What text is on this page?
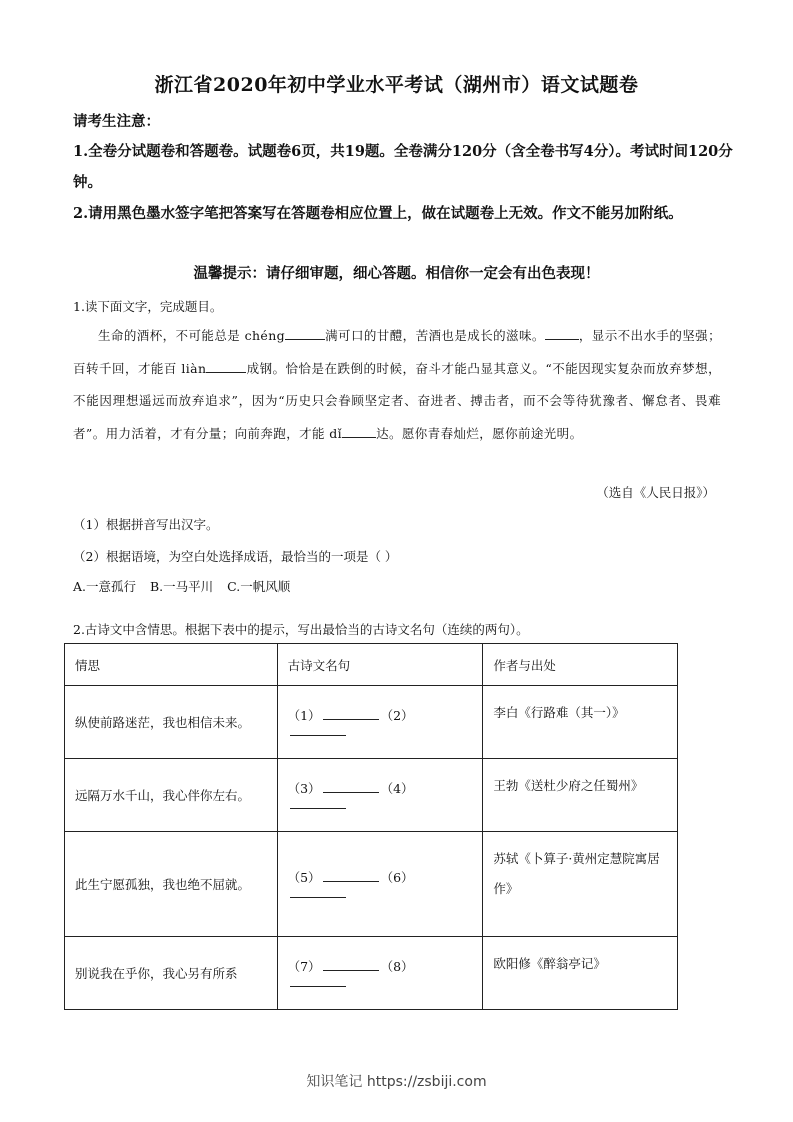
浙江省2020年初中学业水平考试（湖州市）语文试题卷
请考生注意：
1.全卷分试题卷和答题卷。试题卷6页，共19题。全卷满分120分（含全卷书写4分）。考试时间120分钟。
2.请用黑色墨水签字笔把答案写在答题卷相应位置上，做在试题卷上无效。作文不能另加附纸。
温馨提示：请仔细审题，细心答题。相信你一定会有出色表现！
1.读下面文字，完成题目。
生命的酒杯，不可能总是 chéng	满可口的甘醴，苦酒也是成长的滋味。	，显示不出水手的坚强；百转千回，才能百 liàn	成钢。恰恰是在跌倒的时候，奋斗才能凸显其意义。“不能因现实复杂而放弃梦想，不能因理想遥远而放弃追求”，因为“历史只会眷顾坚定者、奋进者、搏击者，而不会等待犹豫者、懈怠者、畏难者”。用力活着，才有分量；向前奔跑，才能 dǐ	达。愿你青春灿烂，愿你前途光明。
（选自《人民日报》）
（1）根据拼音写出汉字。
（2）根据语境，为空白处选择成语，最恰当的一项是（ ）
A.一意孤行 B.一马平川 C.一帆风顺
2.古诗文中含情思。根据下表中的提示，写出最恰当的古诗文名句（连续的两句）。
情思	古诗文名句	作者与出处
纵使前路迷茫，我也相信未来。	（1） （2）	李白《行路难（其一）》
远隔万水千山，我心伴你左右。	（3） （4）	王勃《送杜少府之任蜀州》
此生宁愿孤独，我也绝不屈就。	（5） （6）	苏轼《卜算子·黄州定慧院寓居作》
别说我在乎你，我心另有所系	（7） （8）	欧阳修《醉翁亭记》
知识笔记 https://zsbiji.com
